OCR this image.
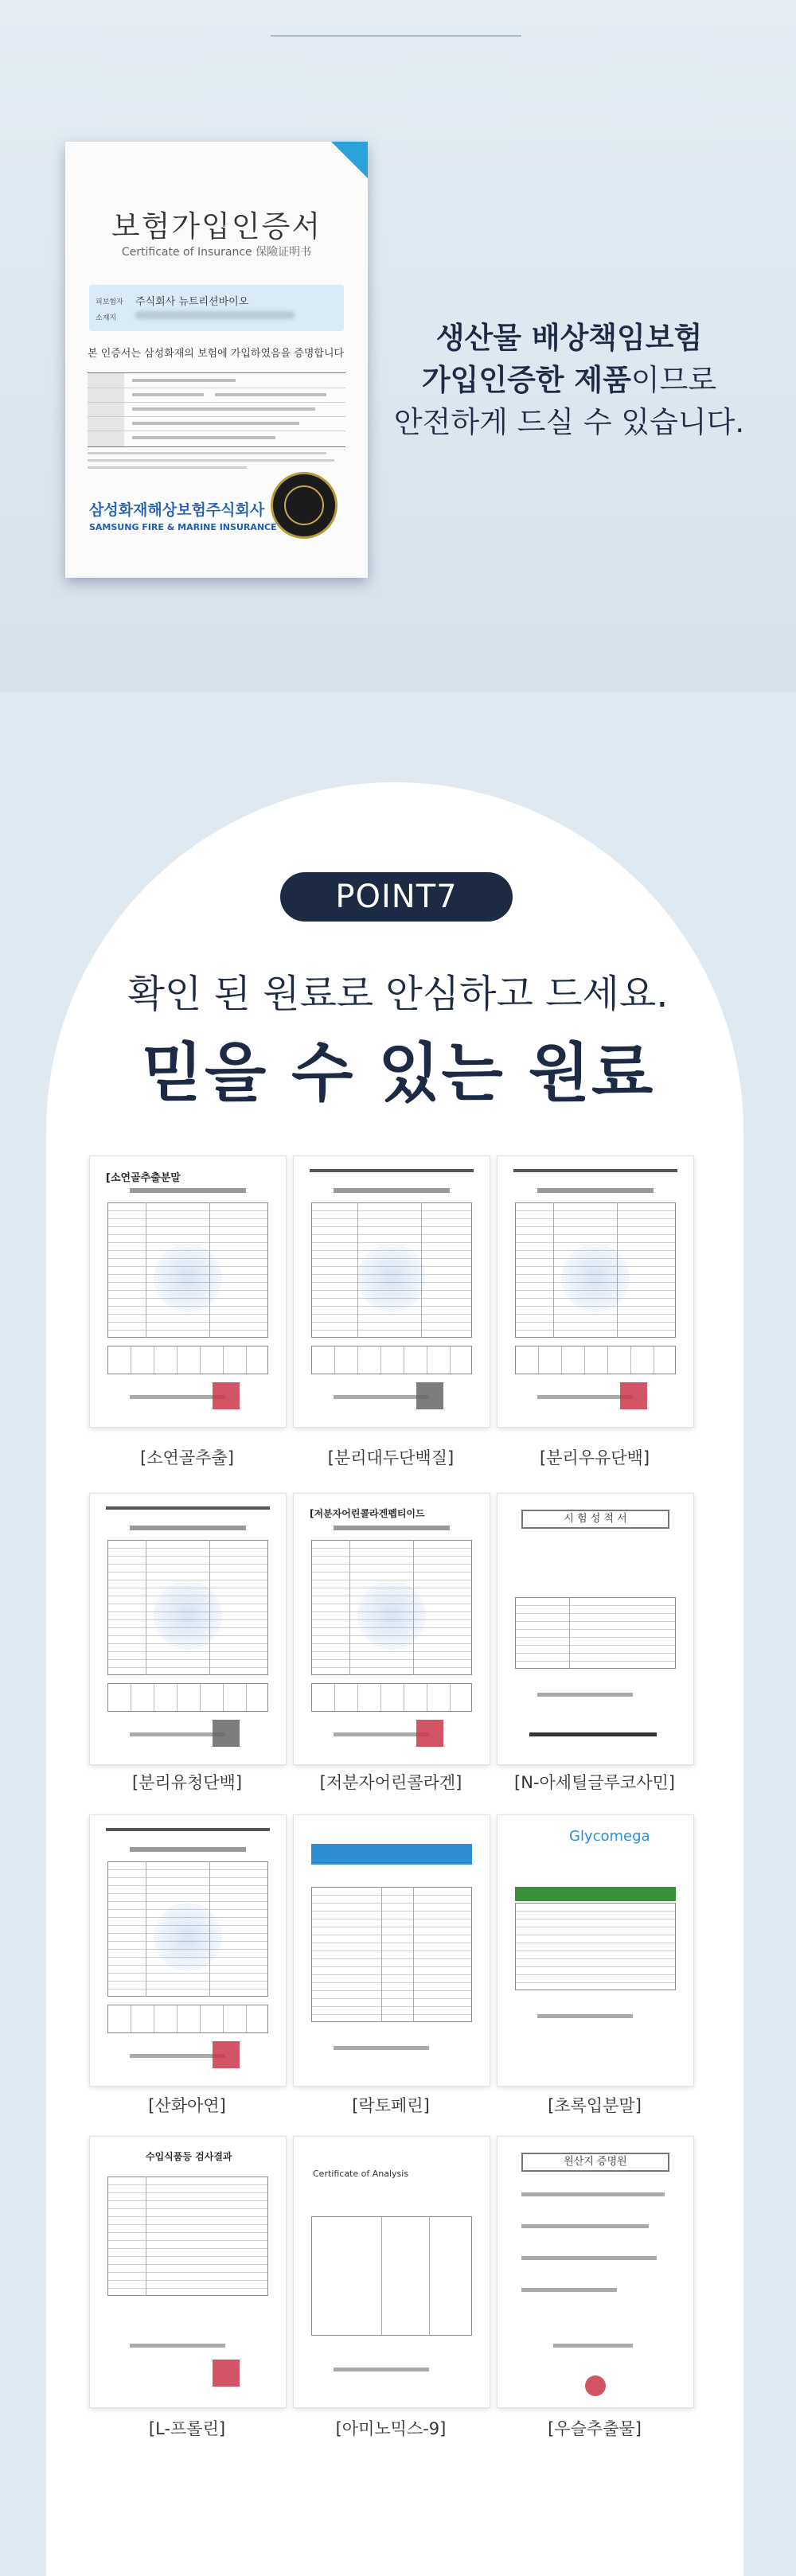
보험가입인증서
Certificate of Insurance 保險证明书
피보험자
소재지
주식회사 뉴트리션바이오
본 인증서는 삼성화재의 보험에 가입하였음을 증명합니다
삼성화재해상보험주식회사
SAMSUNG FIRE & MARINE INSURANCE
생산물 배상책임보험
가입인증한 제품이므로
안전하게 드실 수 있습니다.
POINT7
확인 된 원료로 안심하고 드세요.
믿을 수 있는 원료
[소연골추출분말
[소연골추출]	[분리대두단백질]	[분리우유단백]
[분리유청단백]
[저분자어린콜라겐펩티이드
[저분자어린콜라겐]
시 험 성 적 서
[N-아세틸글루코사민]
[산화아연]	[락토페린]
Glycomega
[초록입분말]
수입식품등 검사결과
[L-프롤린]
Certificate of Analysis
[아미노믹스-9]
원산지 증명원
[우슬추출물]
